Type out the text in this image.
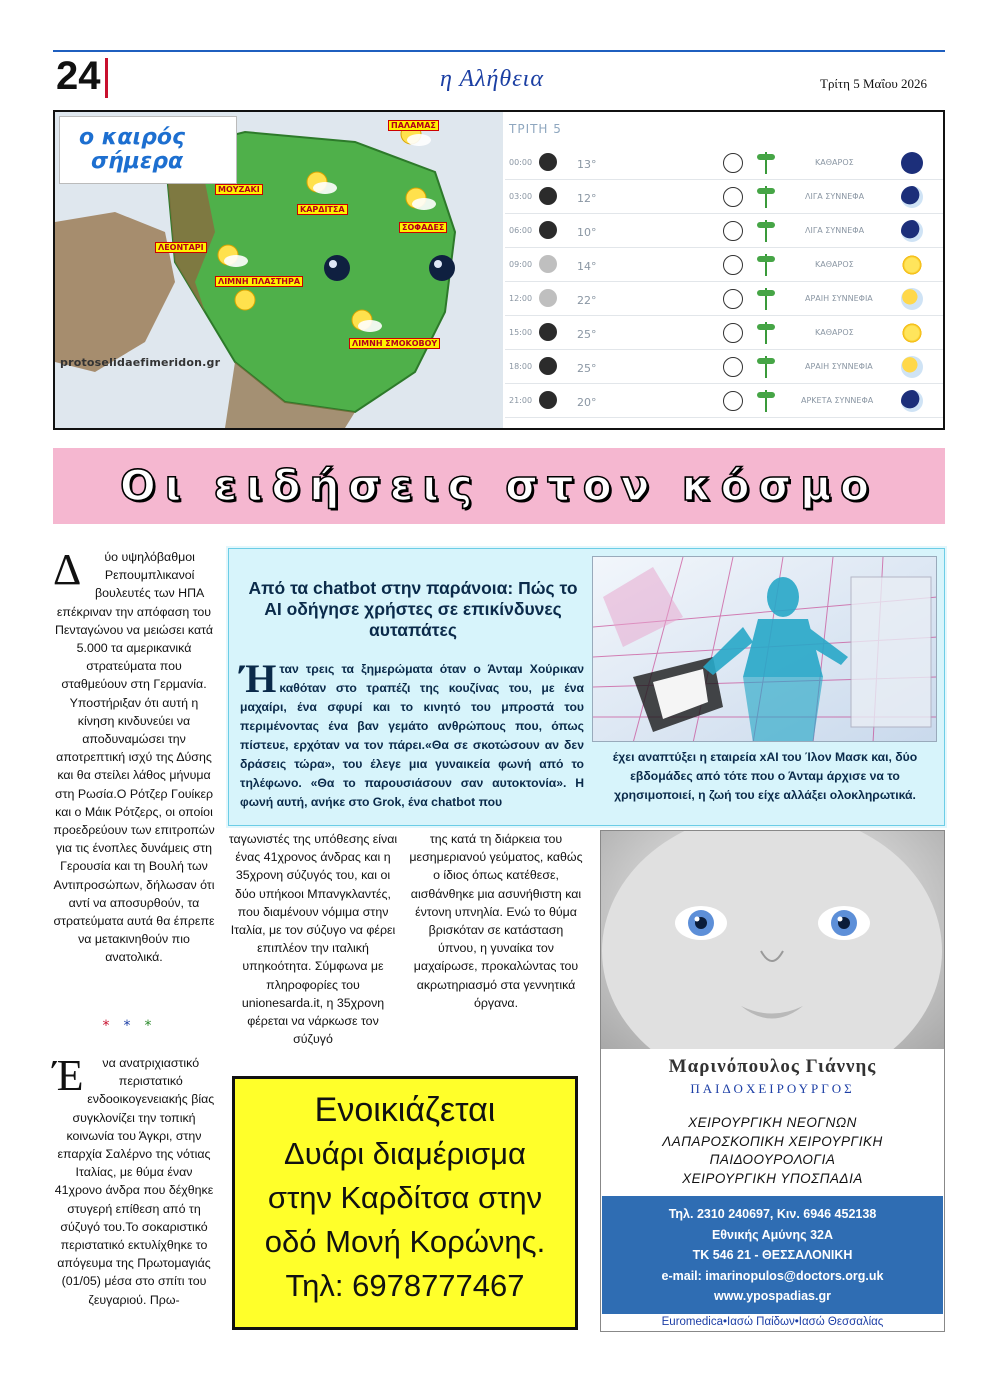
24	η Αλήθεια	Τρίτη 5 Μαΐου 2026
ο καιρός
σήμερα
ΠΑΛΑΜΑΣ
ΜΟΥΖΑΚΙ
ΚΑΡΔΙΤΣΑ
ΣΟΦΑΔΕΣ
ΛΙΜΝΗ ΠΛΑΣΤΗΡΑ
ΛΕΟΝΤΑΡΙ
ΛΙΜΝΗ ΣΜΟΚΟΒΟΥ
protoselidaefimeridon.gr
ΤΡΙΤΗ 5
00:00	13°	ΚΑΘΑΡΟΣ
03:00	12°	ΛΙΓΑ ΣΥΝΝΕΦΑ
06:00	10°	ΛΙΓΑ ΣΥΝΝΕΦΑ
09:00	14°	ΚΑΘΑΡΟΣ
12:00	22°	ΑΡΑΙΗ ΣΥΝΝΕΦΙΑ
15:00	25°	ΚΑΘΑΡΟΣ
18:00	25°	ΑΡΑΙΗ ΣΥΝΝΕΦΙΑ
21:00	20°	ΑΡΚΕΤΑ ΣΥΝΝΕΦΑ
Οι ειδήσεις στον κόσμο
Δ ύο υψηλόβαθμοι Ρεπουμπλικανοί βουλευτές των ΗΠΑ επέκριναν την απόφαση του Πενταγώνου να μειώσει κατά 5.000 τα αμερικανικά στρατεύματα που σταθμεύουν στη Γερμανία. Υποστήριξαν ότι αυτή η κίνηση κινδυνεύει να αποδυναμώσει την αποτρεπτική ισχύ της Δύσης και θα στείλει λάθος μήνυμα στη Ρωσία.Ο Ρότζερ Γουίκερ και ο Μάικ Ρότζερς, οι οποίοι προεδρεύουν των επιτροπών για τις ένοπλες δυνάμεις στη Γερουσία και τη Βουλή των Αντιπροσώπων, δήλωσαν ότι αντί να αποσυρθούν, τα στρατεύματα αυτά θα έπρεπε να μετακινηθούν πιο ανατολικά.
***
Έ να ανατριχιαστικό περιστατικό ενδοοικογενειακής βίας συγκλονίζει την τοπική κοινωνία του Άγκρι, στην επαρχία Σαλέρνο της νότιας Ιταλίας, με θύμα έναν 41χρονο άνδρα που δέχθηκε στυγερή επίθεση από τη σύζυγό του.Το σοκαριστικό περιστατικό εκτυλίχθηκε το απόγευμα της Πρωτομαγιάς (01/05) μέσα στο σπίτι του ζευγαριού. Πρω-
Από τα chatbot στην παράνοια: Πώς το AI οδήγησε χρήστες σε επικίνδυνες αυταπάτες
Ήταν τρεις τα ξημερώματα όταν ο Άνταμ Χούρικαν καθόταν στο τραπέζι της κουζίνας του, με ένα μαχαίρι, ένα σφυρί και το κινητό του μπροστά του περιμένοντας ένα βαν γεμάτο ανθρώπους που, όπως πίστευε, ερχόταν να τον πάρει.«Θα σε σκοτώσουν αν δεν δράσεις τώρα», του έλεγε μια γυναικεία φωνή από το τηλέφωνο. «Θα το παρουσιάσουν σαν αυτοκτονία». Η φωνή αυτή, ανήκε στο Grok, ένα chatbot που
έχει αναπτύξει η εταιρεία xAI του Ίλον Μασκ και, δύο εβδομάδες από τότε που ο Άνταμ άρχισε να το χρησιμοποιεί, η ζωή του είχε αλλάξει ολοκληρωτικά.
ταγωνιστές της υπόθεσης είναι ένας 41χρονος άνδρας και η 35χρονη σύζυγός του, και οι δύο υπήκοοι Μπανγκλαντές, που διαμένουν νόμιμα στην Ιταλία, με τον σύζυγο να φέρει επιπλέον την ιταλική υπηκοότητα. Σύμφωνα με πληροφορίες του unionesarda.it, η 35χρονη φέρεται να νάρκωσε τον σύζυγό
της κατά τη διάρκεια του μεσημεριανού γεύματος, καθώς ο ίδιος όπως κατέθεσε, αισθάνθηκε μια ασυνήθιστη και έντονη υπνηλία. Ενώ το θύμα βρισκόταν σε κατάσταση ύπνου, η γυναίκα τον μαχαίρωσε, προκαλώντας του ακρωτηριασμό στα γεννητικά όργανα.
Ενοικιάζεται
Δυάρι διαμέρισμα
στην Καρδίτσα στην
οδό Μονή Κορώνης.
Τηλ: 6978777467
Μαρινόπουλος Γιάννης
ΠΑΙΔΟΧΕΙΡΟΥΡΓΟΣ
ΧΕΙΡΟΥΡΓΙΚΗ ΝΕΟΓΝΩΝ
ΛΑΠΑΡΟΣΚΟΠΙΚΗ ΧΕΙΡΟΥΡΓΙΚΗ
ΠΑΙΔΟΟΥΡΟΛΟΓΙΑ
ΧΕΙΡΟΥΡΓΙΚΗ ΥΠΟΣΠΑΔΙΑ
Τηλ. 2310 240697, Κιν. 6946 452138
Εθνικής Αμύνης 32Α
ΤΚ 546 21 - ΘΕΣΣΑΛΟΝΙΚΗ
e-mail: imarinopulos@doctors.org.uk
www.ypospadias.gr
Euromedica•Ιασώ Παίδων•Ιασώ Θεσσαλίας
